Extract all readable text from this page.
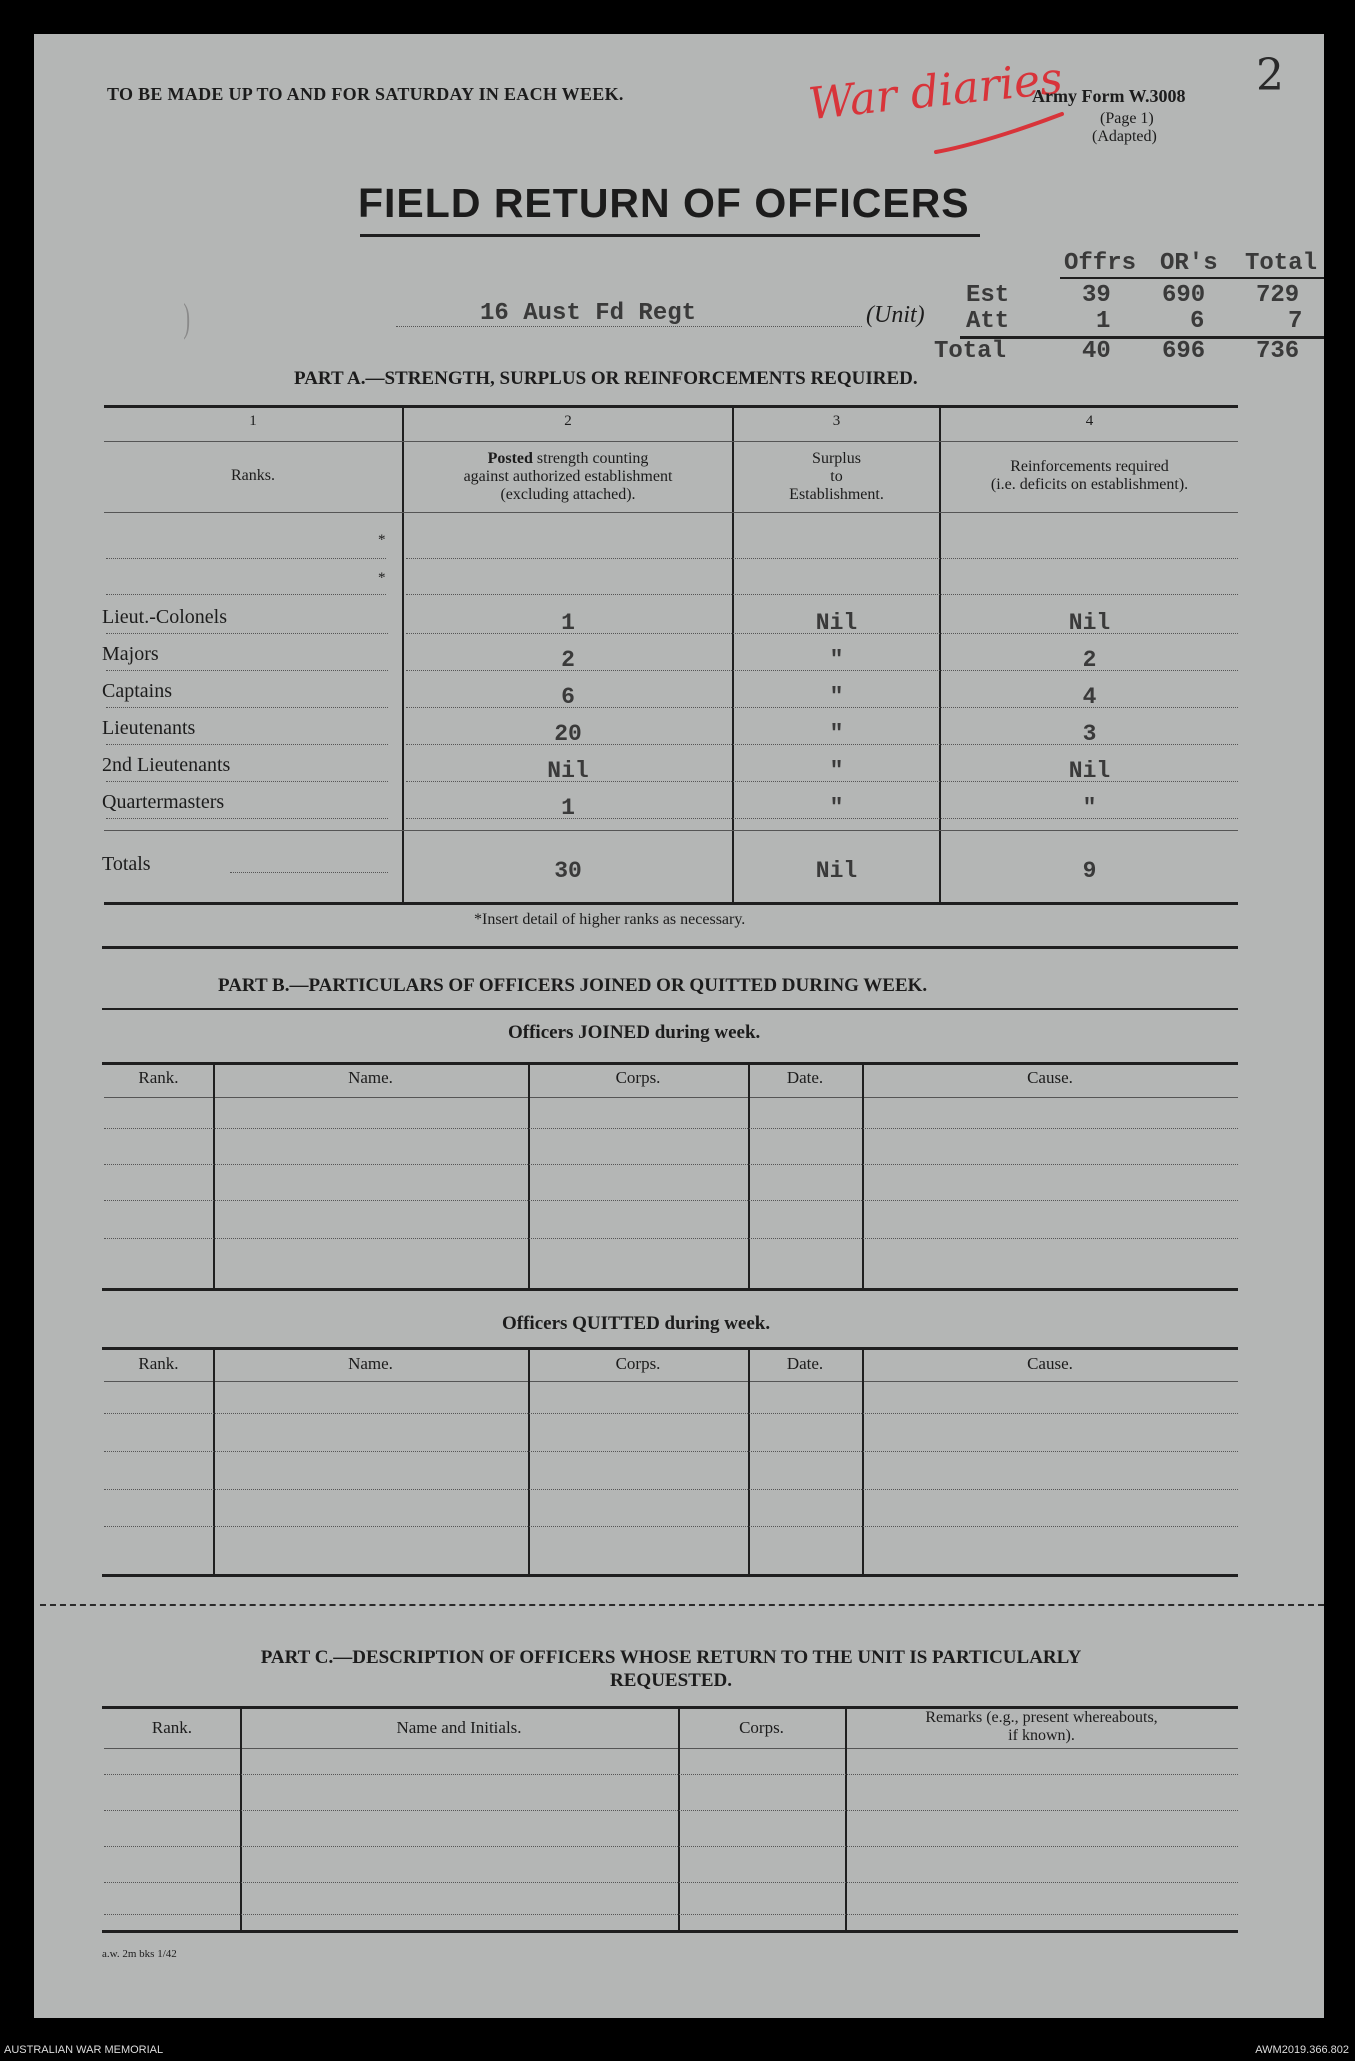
TO BE MADE UP TO AND FOR SATURDAY IN EACH WEEK.	War diaries	2
Army Form W.3008
(Page 1)
(Adapted)
FIELD RETURN OF OFFICERS
)	16 Aust Fd Regt	(Unit)
Offrs OR's Total
Est	39 690 729
Att	1	6	7
Total	40 696 736
PART A.—STRENGTH, SURPLUS OR REINFORCEMENTS REQUIRED.
1	2	3	4
Ranks.
Posted strength counting
against authorized establishment
(excluding attached).
Surplus
to
Establishment.
Reinforcements required
(i.e. deficits on establishment).
*
*
Lieut.-Colonels	1	Nil	Nil
Majors	2	"	2
Captains	6	"	4
Lieutenants	20	"	3
2nd Lieutenants	Nil	"	Nil
Quartermasters	1	"	"
Totals	30	Nil	9
*Insert detail of higher ranks as necessary.
PART B.—PARTICULARS OF OFFICERS JOINED OR QUITTED DURING WEEK.
Officers JOINED during week.
Rank.	Name.	Corps.	Date.	Cause.
Officers QUITTED during week.
Rank.	Name.	Corps.	Date.	Cause.
PART C.—DESCRIPTION OF OFFICERS WHOSE RETURN TO THE UNIT IS PARTICULARLY
REQUESTED.
Rank.	Name and Initials.	Corps.
Remarks (e.g., present whereabouts,
if known).
a.w. 2m bks 1/42
AUSTRALIAN WAR MEMORIAL	AWM2019.366.802
